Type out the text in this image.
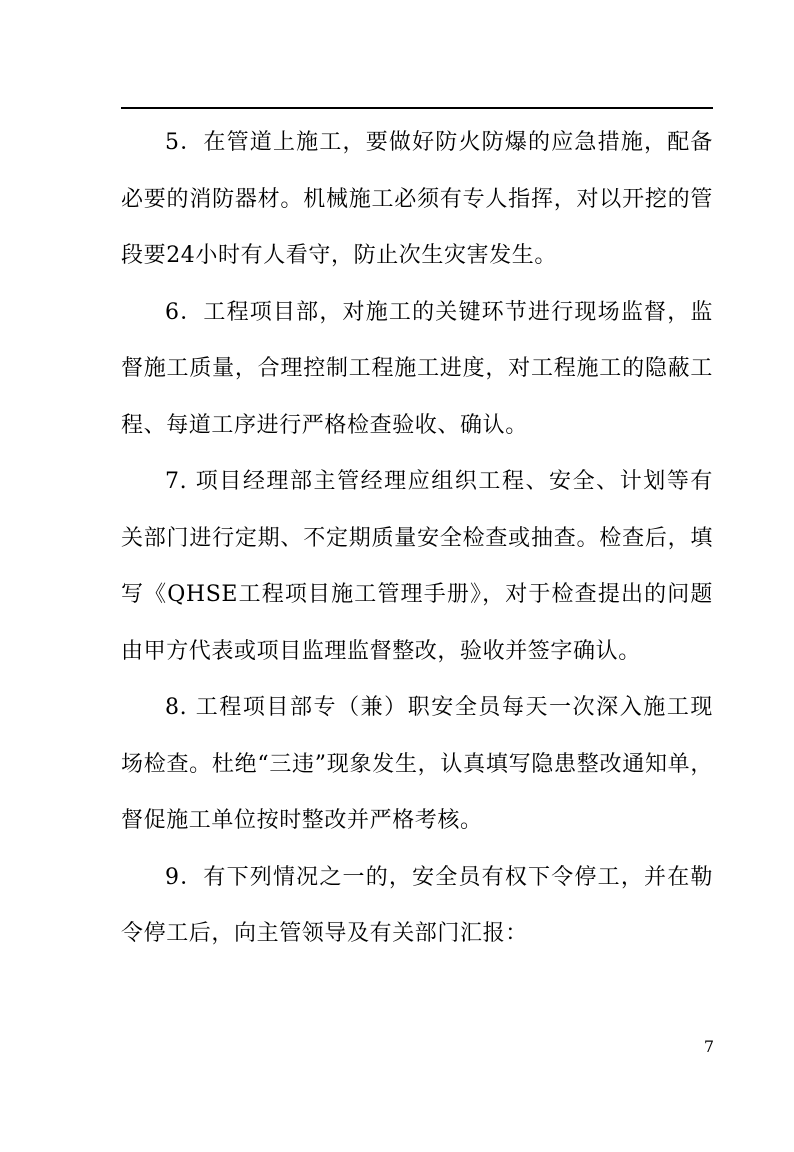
5．在管道上施工，要做好防火防爆的应急措施，配备必要的消防器材。机械施工必须有专人指挥，对以开挖的管段要24小时有人看守，防止次生灾害发生。

6．工程项目部，对施工的关键环节进行现场监督，监督施工质量，合理控制工程施工进度，对工程施工的隐蔽工程、每道工序进行严格检查验收、确认。

7. 项目经理部主管经理应组织工程、安全、计划等有关部门进行定期、不定期质量安全检查或抽查。检查后，填写《QHSE工程项目施工管理手册》，对于检查提出的问题由甲方代表或项目监理监督整改，验收并签字确认。

8. 工程项目部专（兼）职安全员每天一次深入施工现场检查。杜绝“三违”现象发生，认真填写隐患整改通知单，督促施工单位按时整改并严格考核。

9．有下列情况之一的，安全员有权下令停工，并在勒令停工后，向主管领导及有关部门汇报：

7
